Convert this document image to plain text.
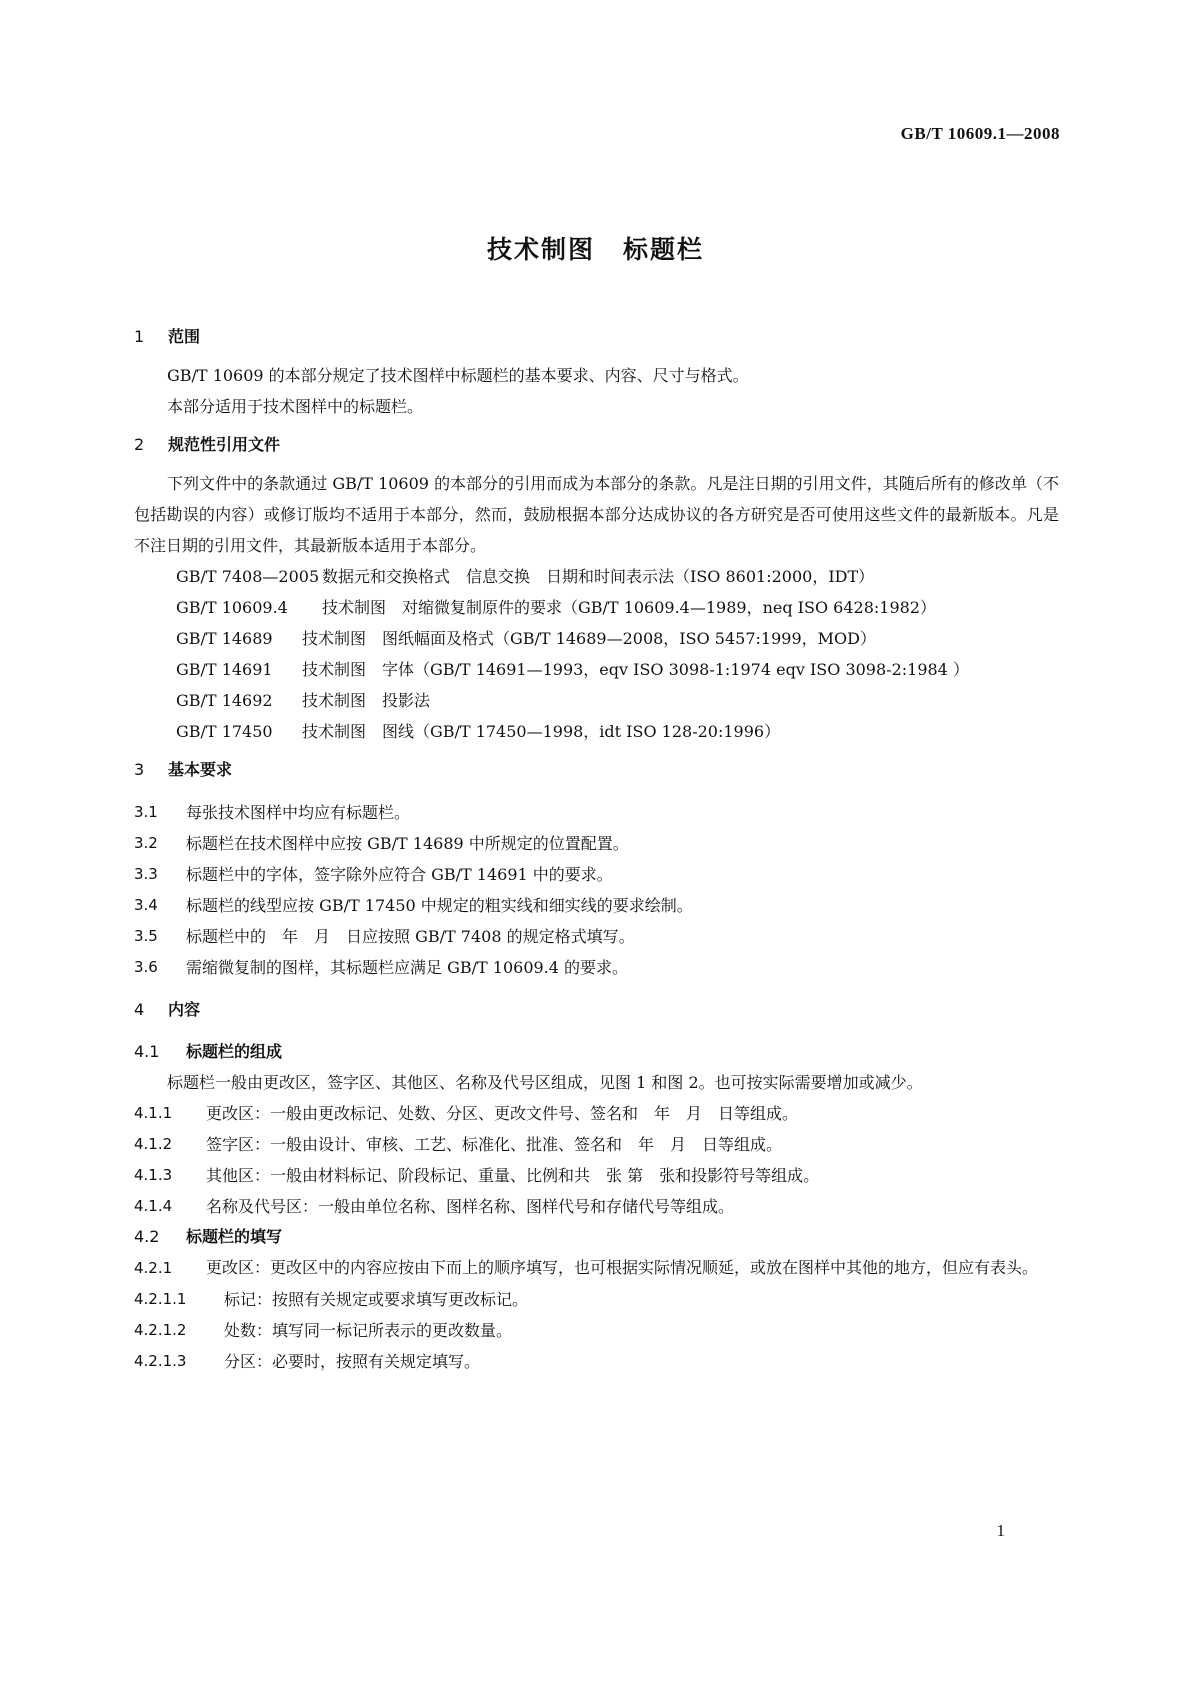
GB/T 10609.1—2008
技术制图 标题栏
1	范围

GB/T 10609 的本部分规定了技术图样中标题栏的基本要求、内容、尺寸与格式。

本部分适用于技术图样中的标题栏。

2	规范性引用文件

下列文件中的条款通过 GB/T 10609 的本部分的引用而成为本部分的条款。凡是注日期的引用文件，其随后所有的修改单（不包括勘误的内容）或修订版均不适用于本部分，然而，鼓励根据本部分达成协议的各方研究是否可使用这些文件的最新版本。凡是不注日期的引用文件，其最新版本适用于本部分。

GB/T 7408—2005 数据元和交换格式　信息交换　日期和时间表示法（ISO 8601:2000，IDT）
GB/T 10609.4 技术制图　对缩微复制原件的要求（GB/T 10609.4—1989，neq ISO 6428:1982）
GB/T 14689 技术制图　图纸幅面及格式（GB/T 14689—2008，ISO 5457:1999，MOD）
GB/T 14691 技术制图　字体（GB/T 14691—1993，eqv ISO 3098-1:1974 eqv ISO 3098-2:1984 ）
GB/T 14692 技术制图　投影法
GB/T 17450 技术制图　图线（GB/T 17450—1998，idt ISO 128-20:1996）
3	基本要求
3.1	每张技术图样中均应有标题栏。
3.2	标题栏在技术图样中应按 GB/T 14689 中所规定的位置配置。
3.3	标题栏中的字体，签字除外应符合 GB/T 14691 中的要求。
3.4	标题栏的线型应按 GB/T 17450 中规定的粗实线和细实线的要求绘制。
3.5	标题栏中的　年　月　日应按照 GB/T 7408 的规定格式填写。
3.6	需缩微复制的图样，其标题栏应满足 GB/T 10609.4 的要求。
4	内容
4.1	标题栏的组成

标题栏一般由更改区，签字区、其他区、名称及代号区组成，见图 1 和图 2。也可按实际需要增加或减少。

4.1.1	更改区：一般由更改标记、处数、分区、更改文件号、签名和　年　月　日等组成。
4.1.2	签字区：一般由设计、审核、工艺、标准化、批准、签名和　年　月　日等组成。
4.1.3	其他区：一般由材料标记、阶段标记、重量、比例和共　张 第　张和投影符号等组成。
4.1.4	名称及代号区：一般由单位名称、图样名称、图样代号和存储代号等组成。
4.2	标题栏的填写
4.2.1 更改区：更改区中的内容应按由下而上的顺序填写，也可根据实际情况顺延，或放在图样中其他的地方，但应有表头。
4.2.1.1	标记：按照有关规定或要求填写更改标记。
4.2.1.2	处数：填写同一标记所表示的更改数量。
4.2.1.3	分区：必要时，按照有关规定填写。
1
